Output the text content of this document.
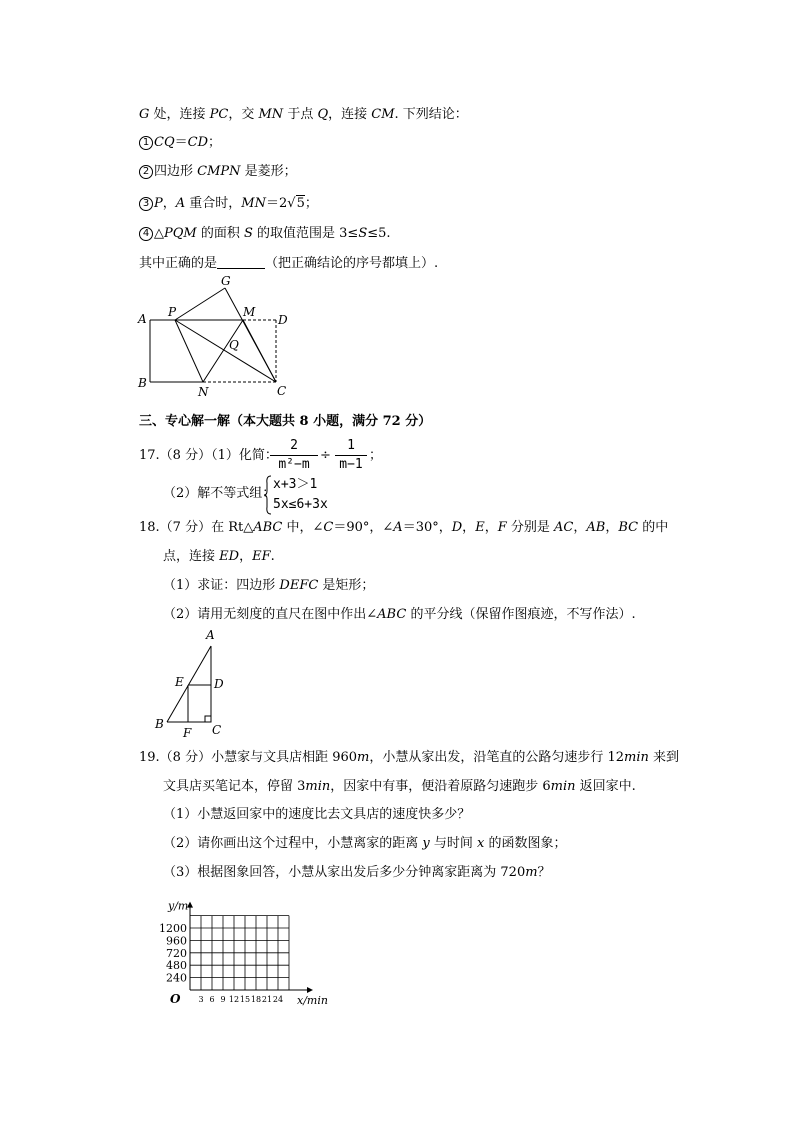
G 处，连接 PC，交 MN 于点 Q，连接 CM. 下列结论：
1 CQ＝CD；
2 四边形 CMPN 是菱形；
3 P，A 重合时，MN＝2√5；
4 △PQM 的面积 S 的取值范围是 3≤S≤5.
其中正确的是	（把正确结论的序号都填上）.
A
B
C
D
P
G
M
N
Q
三、专心解一解（本大题共 8 小题，满分 72 分）
17.（8 分）（1）化简：
2
m²−m
÷
1
m−1
；
（2）解不等式组：
x+3＞1
5x≤6+3x
18.（7 分）在 Rt△ABC 中，∠C＝90°，∠A＝30°，D，E，F 分别是 AC，AB，BC 的中
点，连接 ED，EF.
（1）求证：四边形 DEFC 是矩形；
（2）请用无刻度的直尺在图中作出∠ABC 的平分线（保留作图痕迹，不写作法）.
A
B	C
D
E
F
19.（8 分）小慧家与文具店相距 960m，小慧从家出发，沿笔直的公路匀速步行 12min 来到
文具店买笔记本，停留 3min，因家中有事，便沿着原路匀速跑步 6min 返回家中.
（1）小慧返回家中的速度比去文具店的速度快多少？
（2）请你画出这个过程中，小慧离家的距离 y 与时间 x 的函数图象；
（3）根据图象回答，小慧从家出发后多少分钟离家距离为 720m？
1200
960
720
480
240
3 6 9 12 15 18 21 24
O
y/m
x/min
